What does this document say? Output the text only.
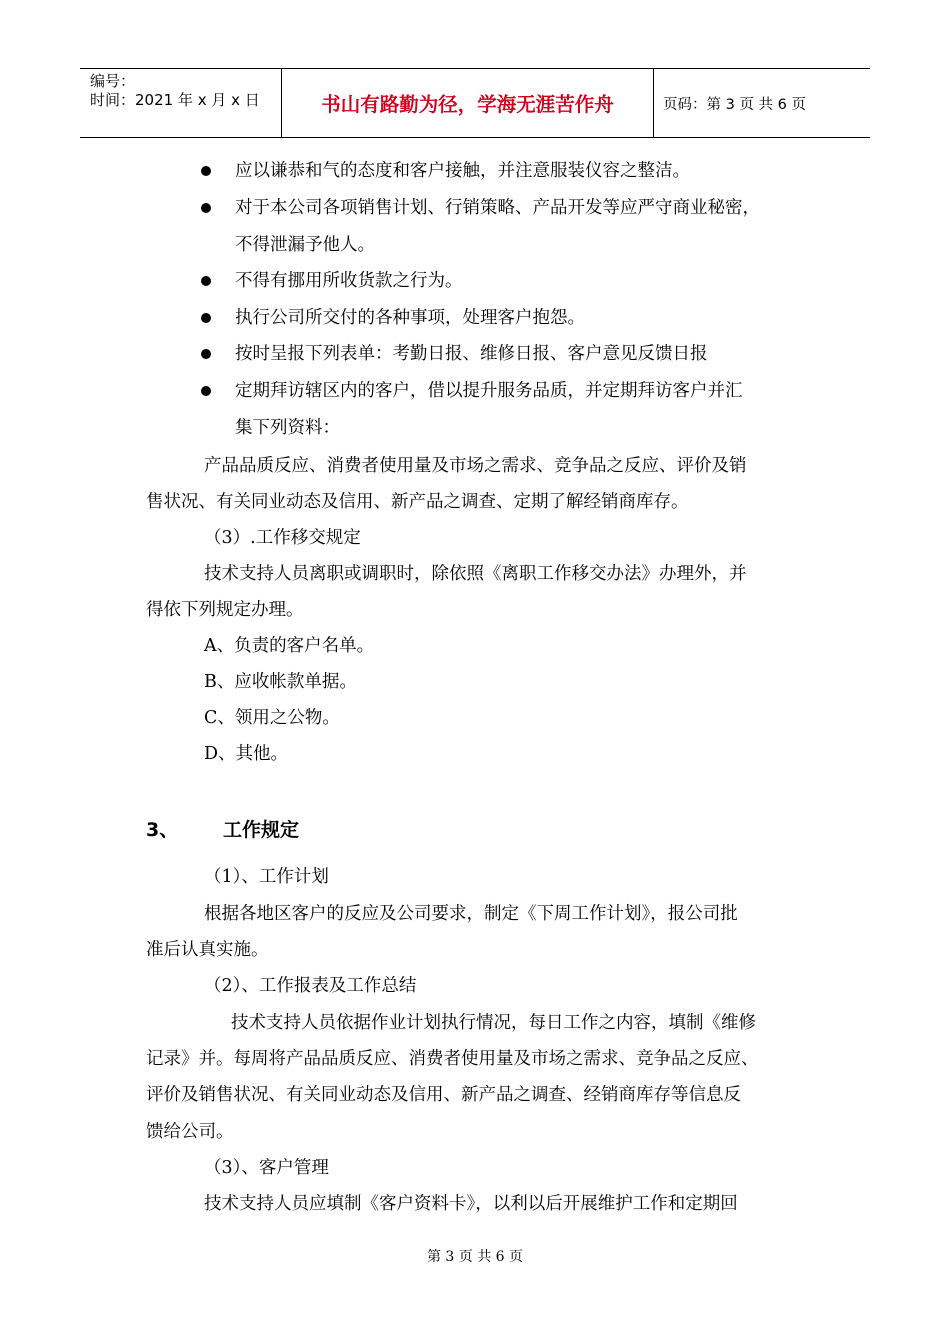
编号：
时间：2021 年 x 月 x 日	书山有路勤为径，学海无涯苦作舟	页码：第 3 页 共 6 页
应以谦恭和气的态度和客户接触，并注意服装仪容之整洁。
对于本公司各项销售计划、行销策略、产品开发等应严守商业秘密，
不得泄漏予他人。
不得有挪用所收货款之行为。
执行公司所交付的各种事项，处理客户抱怨。
按时呈报下列表单：考勤日报、维修日报、客户意见反馈日报
定期拜访辖区内的客户，借以提升服务品质，并定期拜访客户并汇
集下列资料：
产品品质反应、消费者使用量及市场之需求、竞争品之反应、评价及销
售状况、有关同业动态及信用、新产品之调查、定期了解经销商库存。
（3）.工作移交规定
技术支持人员离职或调职时，除依照《离职工作移交办法》办理外，并
得依下列规定办理。
A、负责的客户名单。
B、应收帐款单据。
C、领用之公物。
D、其他。
3、 工作规定
（1）、工作计划
根据各地区客户的反应及公司要求，制定《下周工作计划》，报公司批
准后认真实施。
（2）、工作报表及工作总结
技术支持人员依据作业计划执行情况，每日工作之内容，填制《维修
记录》并。每周将产品品质反应、消费者使用量及市场之需求、竞争品之反应、
评价及销售状况、有关同业动态及信用、新产品之调查、经销商库存等信息反
馈给公司。
（3）、客户管理
技术支持人员应填制《客户资料卡》，以利以后开展维护工作和定期回
第 3 页 共 6 页
